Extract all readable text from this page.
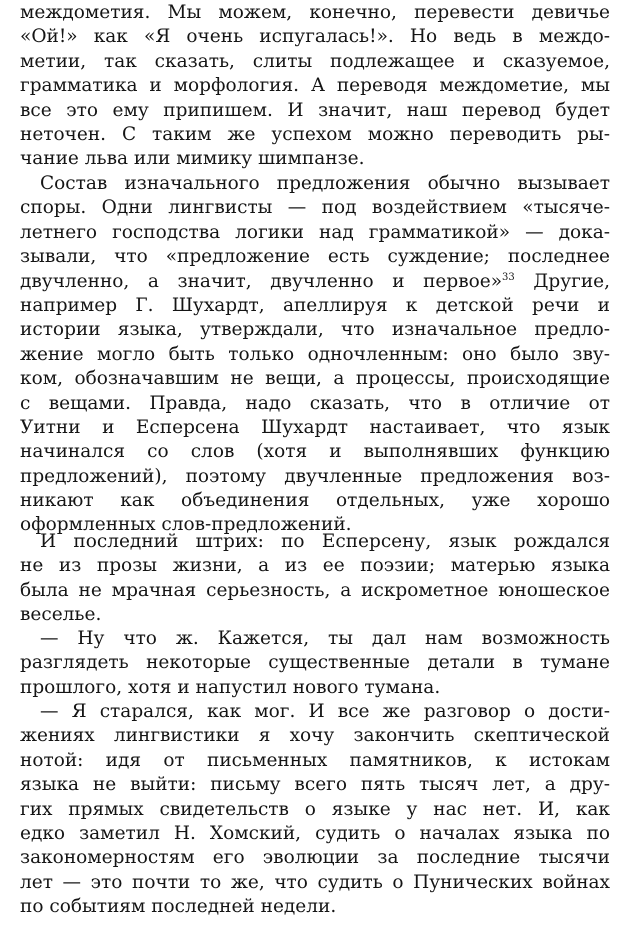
междометия. Мы можем, конечно, перевести девичье
«Ой!» как «Я очень испугалась!». Но ведь в междо-
метии, так сказать, слиты подлежащее и сказуемое,
грамматика и морфология. А переводя междометие, мы
все это ему припишем. И значит, наш перевод будет
неточен. С таким же успехом можно переводить ры-
чание льва или мимику шимпанзе.
Состав изначального предложения обычно вызывает
споры. Одни лингвисты — под воздействием «тысяче-
летнего господства логики над грамматикой» — дока-
зывали, что «предложение есть суждение; последнее
двучленно, а значит, двучленно и первое»$^{33}$ Другие,
например Г. Шухардт, апеллируя к детской речи и
истории языка, утверждали, что изначальное предло-
жение могло быть только одночленным: оно было зву-
ком, обозначавшим не вещи, а процессы, происходящие
с вещами. Правда, надо сказать, что в отличие от
Уитни и Есперсена Шухардт настаивает, что язык
начинался со слов (хотя и выполнявших функцию
предложений), поэтому двучленные предложения воз-
никают как объединения отдельных, уже хорошо
оформленных слов-предложений.
И последний штрих: по Есперсену, язык рождался
не из прозы жизни, а из ее поэзии; матерью языка
была не мрачная серьезность, а искрометное юношеское
веселье.
— Ну что ж. Кажется, ты дал нам возможность
разглядеть некоторые существенные детали в тумане
прошлого, хотя и напустил нового тумана.
— Я старался, как мог. И все же разговор о дости-
жениях лингвистики я хочу закончить скептической
нотой: идя от письменных памятников, к истокам
языка не выйти: письму всего пять тысяч лет, а дру-
гих прямых свидетельств о языке у нас нет. И, как
едко заметил Н. Хомский, судить о началах языка по
закономерностям его эволюции за последние тысячи
лет — это почти то же, что судить о Пунических войнах
по событиям последней недели.
